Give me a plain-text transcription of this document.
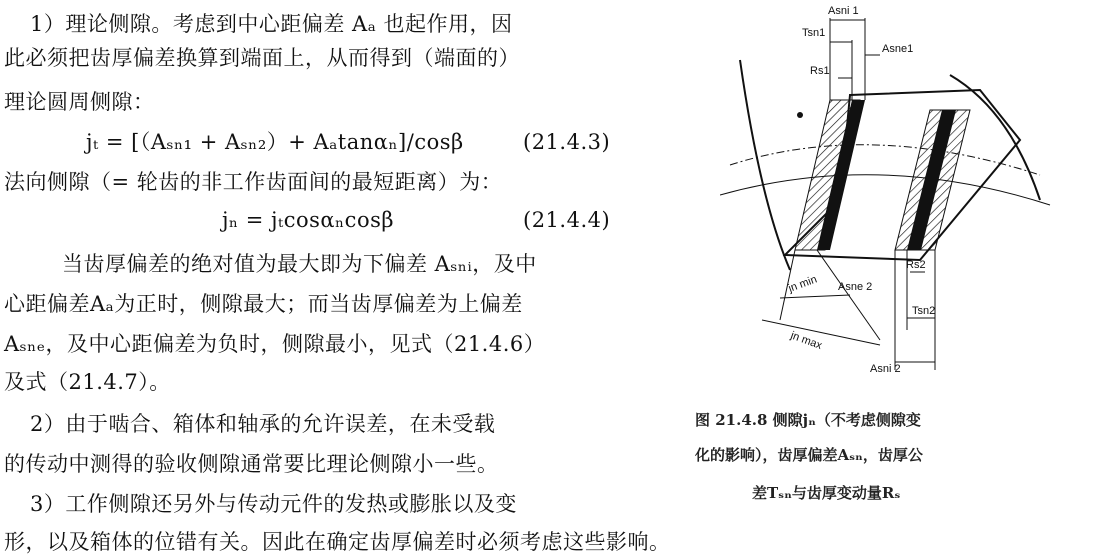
1）理论侧隙。考虑到中心距偏差 Aₐ 也起作用，因
此必须把齿厚偏差换算到端面上，从而得到（端面的）
理论圆周侧隙：
jₜ = [（Aₛₙ₁ + Aₛₙ₂）+ Aₐtanαₙ]/cosβ	(21.4.3)
法向侧隙（= 轮齿的非工作齿面间的最短距离）为：
jₙ = jₜcosαₙcosβ	(21.4.4)
当齿厚偏差的绝对值为最大即为下偏差 Aₛₙᵢ，及中
心距偏差Aₐ为正时，侧隙最大；而当齿厚偏差为上偏差
Aₛₙₑ，及中心距偏差为负时，侧隙最小，见式（21.4.6）
及式（21.4.7）。
2）由于啮合、箱体和轴承的允许误差，在未受载
的传动中测得的验收侧隙通常要比理论侧隙小一些。
3）工作侧隙还另外与传动元件的发热或膨胀以及变
形，以及箱体的位错有关。因此在确定齿厚偏差时必须考虑这些影响。
Asni 1
Tsn1
Asne1
Rs1
Rs2
jn min Asne 2
Tsn2
jn max
Asni 2
图 21.4.8 侧隙jₙ（不考虑侧隙变
化的影响），齿厚偏差Aₛₙ，齿厚公
差Tₛₙ与齿厚变动量Rₛ
